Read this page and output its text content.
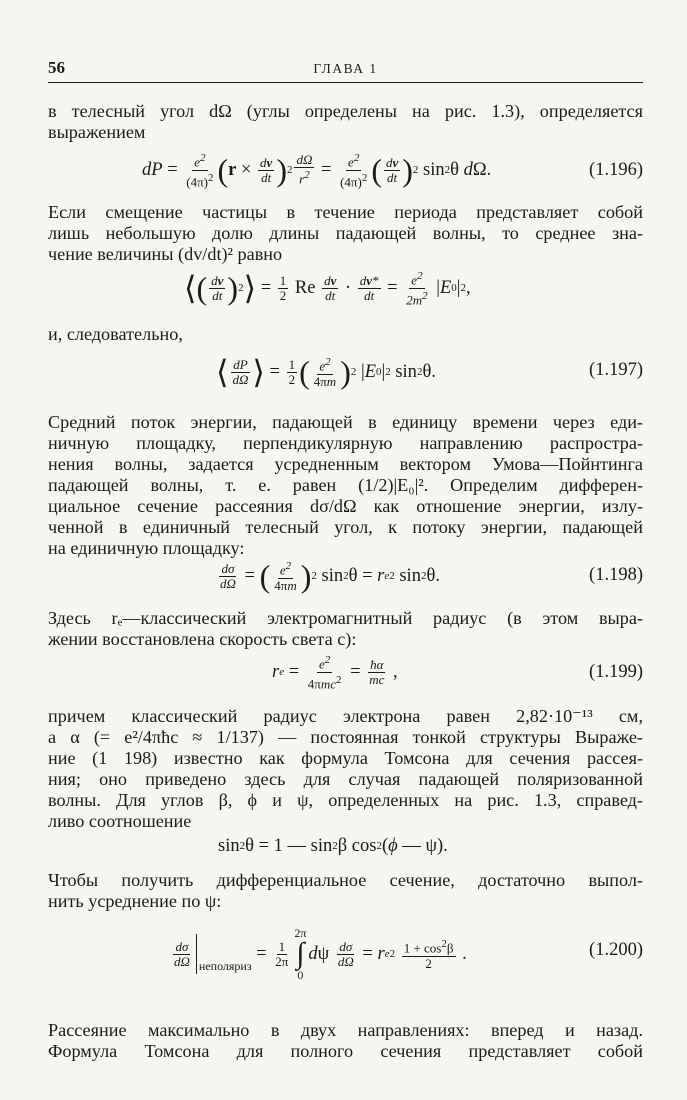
56	ГЛАВА 1
в телесный угол dΩ (углы определены на рис. 1.3), определяется
выражением
dP = $\frac{e^2}{(4\pi)^2}$ ( $r \times \frac{dv}{dt}$ ) $2 \frac{d\Omega}{r^2} = \frac{e^2}{(4\pi)^2}$ ( $\frac{dv}{dt}$ ) 2 sin 2 θ d Ω.	(1.196)
Если смещение частицы в течение периода представляет собой
лишь небольшую долю длины падающей волны, то среднее зна-
чение величины (dv/dt)² равно
⟨ ( $\frac{dv}{dt}$ ) 2 ⟩ = $\frac{1}{2}$ Re $\frac{dv}{dt} \cdot \frac{dv*}{dt} = \frac{e^2}{2m^2}$ | E 0 | 2 ,
и, следовательно,
⟨ $\frac{dP}{d\Omega}$ ⟩ = $\frac{1}{2}$ ( $\frac{e^2}{4\pi m}$ ) 2 | E 0 | 2 sin 2 θ.	(1.197)
Средний поток энергии, падающей в единицу времени через еди-
ничную площадку, перпендикулярную направлению распростра-
нения волны, задается усредненным вектором Умова—Пойнтинга
падающей волны, т. е. равен (1/2)|E₀|². Определим дифферен-
циальное сечение рассеяния dσ/dΩ как отношение энергии, излу-
ченной в единичный телесный угол, к потоку энергии, падающей
на единичную площадку:
$\frac{d\sigma}{d\Omega}$ = ( $\frac{e^2}{4\pi m}$ ) 2 sin 2 θ = r e 2 sin 2 θ.	(1.198)
Здесь rₑ—классический электромагнитный радиус (в этом выра-
жении восстановлена скорость света c):
r $e = \frac{e^2}{4\pi mc^2} = \frac{ħ\alpha}{mc}$ ,	(1.199)
причем классический радиус электрона равен 2,82·10⁻¹³ см,
а α (= e²/4πħc ≈ 1/137) — постоянная тонкой структуры Выраже-
ние (1 198) известно как формула Томсона для сечения рассея-
ния; оно приведено здесь для случая падающей поляризованной
волны. Для углов β, ϕ и ψ, определенных на рис. 1.3, справед-
ливо соотношение
sin 2 θ = 1 — sin 2 β cos 2 ( ϕ — ψ).
Чтобы получить дифференциальное сечение, достаточно выпол-
нить усреднение по ψ:
$\frac{d\sigma}{d\Omega}$ неполяриз
= $\frac{1}{2\pi}$
2π
∫
0
d ψ $\frac{d\sigma}{d\Omega} = r$ e 2
$\frac{1 + \cos^2\beta}{2}$ .	(1.200)
Рассеяние максимально в двух направлениях: вперед и назад.
Формула Томсона для полного сечения представляет собой
